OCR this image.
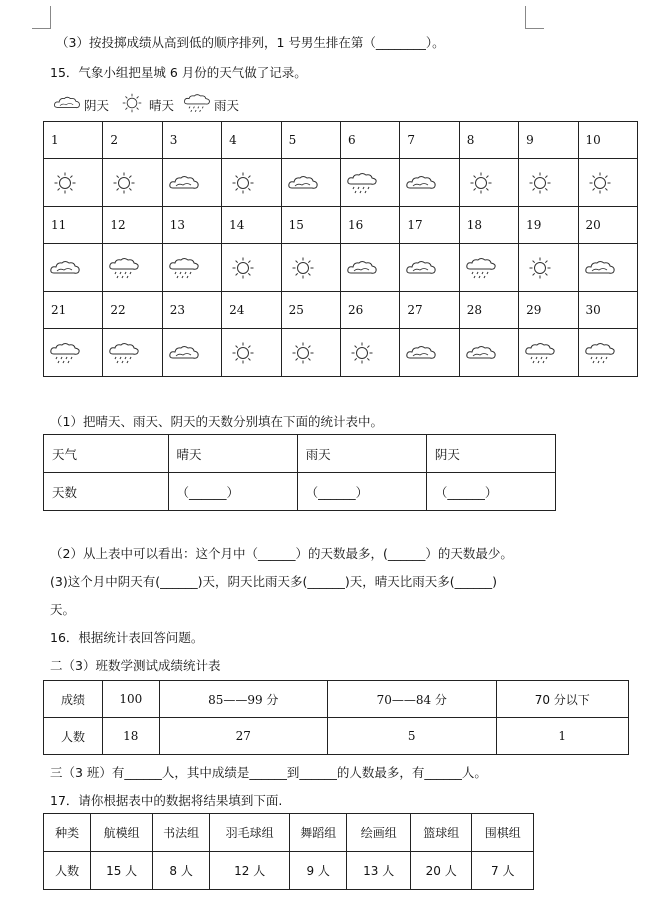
（3）按投掷成绩从高到低的顺序排列，1 号男生排在第（________）。
15．气象小组把星城 6 月份的天气做了记录。
阴天	晴天	雨天
1	2	3	4	5	6	7	8	9	10

11	12	13	14	15	16	17	18	19	20

21	22	23	24	25	26	27	28	29	30

（1）把晴天、雨天、阴天的天数分别填在下面的统计表中。
天气	晴天	雨天	阴天
天数	（______）	（______）	（______）
（2）从上表中可以看出：这个月中（______）的天数最多，(______）的天数最少。
(3)这个月中阴天有(______)天，阴天比雨天多(______)天，晴天比雨天多(______)
天。
16．根据统计表回答问题。
二（3）班数学测试成绩统计表
成绩	100	85——99 分	70——84 分	70 分以下
人数	18	27	5	1
三（3 班）有______人，其中成绩是______到______的人数最多，有______人。
17．请你根据表中的数据将结果填到下面.
种类	航模组	书法组	羽毛球组	舞蹈组	绘画组	篮球组	围棋组
人数	15 人	8 人	12 人	9 人	13 人	20 人	7 人
